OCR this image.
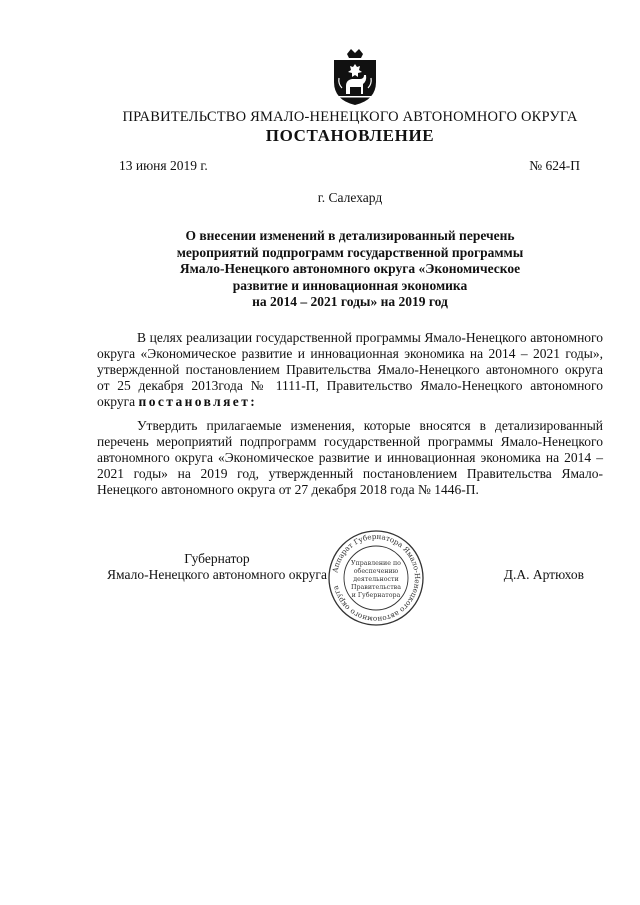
ПРАВИТЕЛЬСТВО ЯМАЛО-НЕНЕЦКОГО АВТОНОМНОГО ОКРУГА
ПОСТАНОВЛЕНИЕ
13 июня 2019 г.	№ 624-П
г. Салехард
О внесении изменений в детализированный перечень
мероприятий подпрограмм государственной программы
Ямало-Ненецкого автономного округа «Экономическое
развитие и инновационная экономика
на 2014 – 2021 годы» на 2019 год
В целях реализации государственной программы Ямало-Ненецкого автономного округа «Экономическое развитие и инновационная экономика на 2014 – 2021 годы», утвержденной постановлением Правительства Ямало-Ненецкого автономного округа от 25 декабря 2013года № 1111-П, Правительство Ямало-Ненецкого автономного округа постановляет:
Утвердить прилагаемые изменения, которые вносятся в детализированный перечень мероприятий подпрограмм государственной программы Ямало-Ненецкого автономного округа «Экономическое развитие и инновационная экономика на 2014 – 2021 годы» на 2019 год, утвержденный постановлением Правительства Ямало-Ненецкого автономного округа от 27 декабря 2018 года № 1446-П.
Губернатор
Ямало-Ненецкого автономного округа	Д.А. Артюхов
Аппарат Губернатора Ямало-Ненецкого автономного округа
Управление по
обеспечению
деятельности
Правительства
и Губернатора
